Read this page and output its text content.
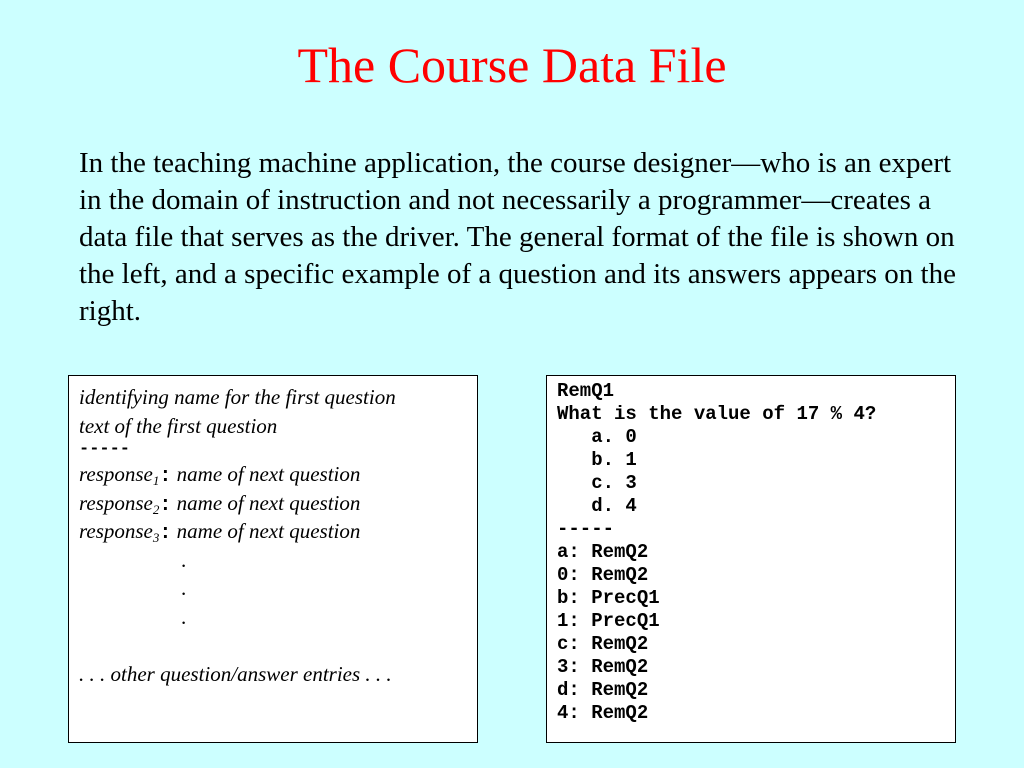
The Course Data File

In the teaching machine application, the course designer—who is an expert in the domain of instruction and not necessarily a programmer—creates a data file that serves as the driver. The general format of the file is shown on the left, and a specific example of a question and its answers appears on the right.

identifying name for the first question
text of the first question
-----
response$_1$: name of next question
response$_2$: name of next question
response$_3$: name of next question
.
.
.
. . . other question/answer entries . . .
RemQ1
What is the value of 17 % 4?
a. 0
b. 1
c. 3
d. 4
-----
a: RemQ2
0: RemQ2
b: PrecQ1
1: PrecQ1
c: RemQ2
3: RemQ2
d: RemQ2
4: RemQ2
